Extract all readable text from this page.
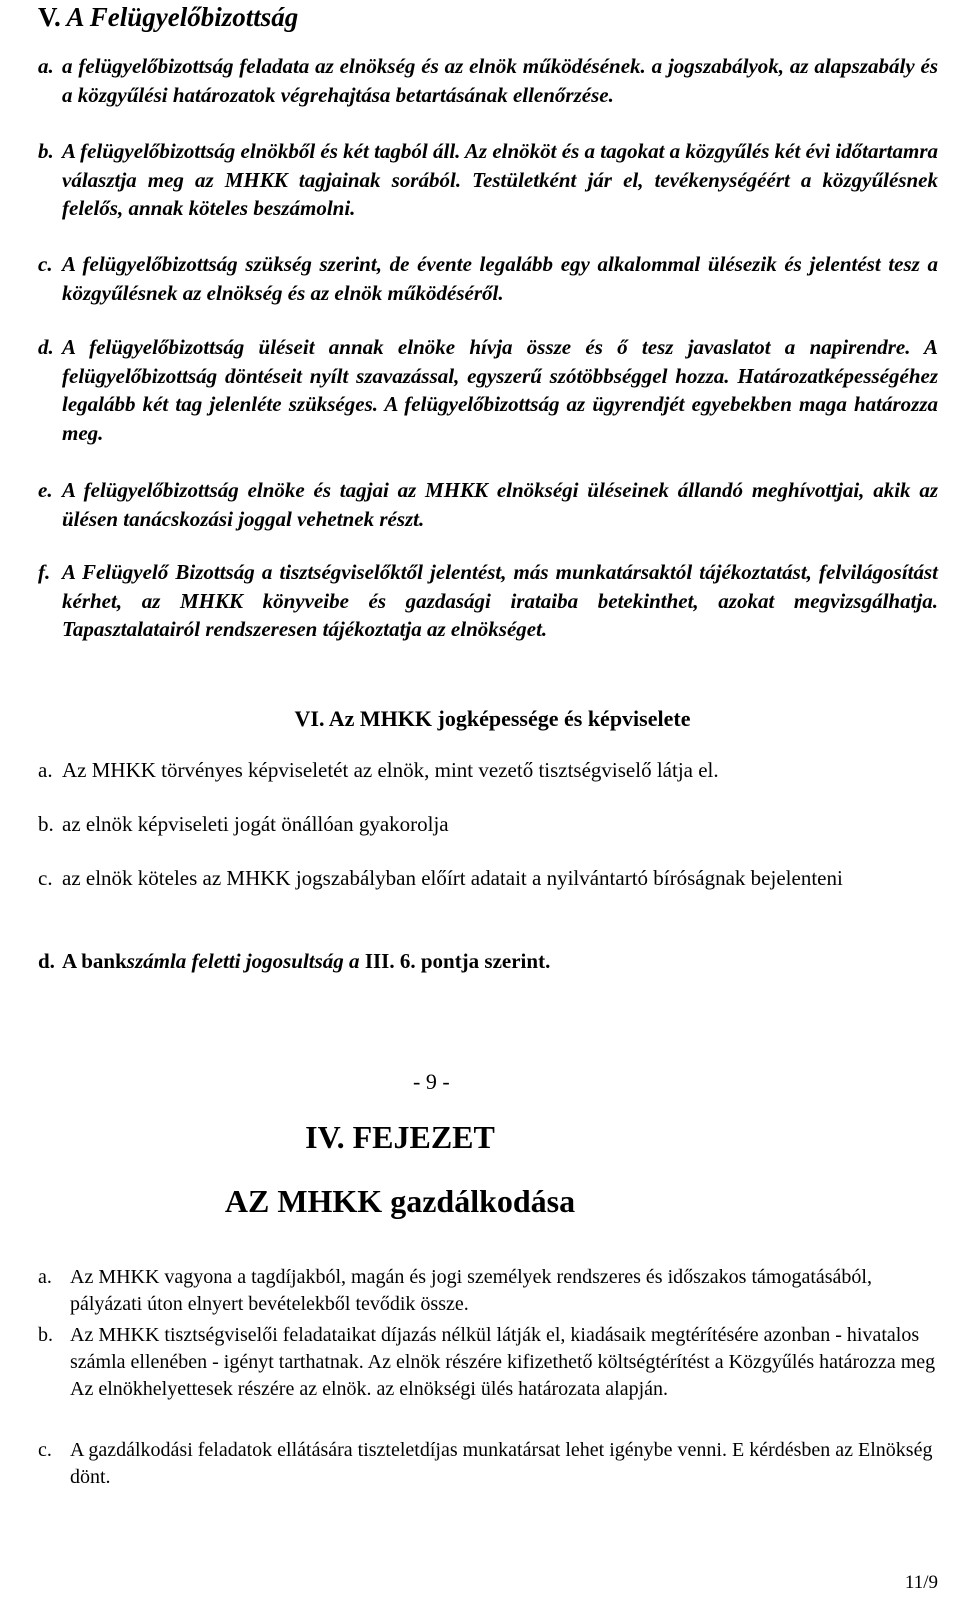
V. A Felügyelőbizottság
a. a felügyelőbizottság feladata az elnökség és az elnök működésének. a jogszabályok, az alapszabály és a közgyűlési határozatok végrehajtása betartásának ellenőrzése.
b. A felügyelőbizottság elnökből és két tagból áll. Az elnököt és a tagokat a közgyűlés két évi időtartamra választja meg az MHKK tagjainak sorából. Testületként jár el, tevékenységéért a közgyűlésnek felelős, annak köteles beszámolni.
c. A felügyelőbizottság szükség szerint, de évente legalább egy alkalommal ülésezik és jelentést tesz a közgyűlésnek az elnökség és az elnök működéséről.
d. A felügyelőbizottság üléseit annak elnöke hívja össze és ő tesz javaslatot a napirendre. A felügyelőbizottság döntéseit nyílt szavazással, egyszerű szótöbbséggel hozza. Határozatképességéhez legalább két tag jelenléte szükséges. A felügyelőbizottság az ügyrendjét egyebekben maga határozza meg.
e. A felügyelőbizottság elnöke és tagjai az MHKK elnökségi üléseinek állandó meghívottjai, akik az ülésen tanácskozási joggal vehetnek részt.
f. A Felügyelő Bizottság a tisztségviselőktől jelentést, más munkatársaktól tájékoztatást, felvilágosítást kérhet, az MHKK könyveibe és gazdasági irataiba betekinthet, azokat megvizsgálhatja. Tapasztalatairól rendszeresen tájékoztatja az elnökséget.
VI. Az MHKK jogképessége és képviselete
a. Az MHKK törvényes képviseletét az elnök, mint vezető tisztségviselő látja el.
b. az elnök képviseleti jogát önállóan gyakorolja
c. az elnök köteles az MHKK jogszabályban előírt adatait a nyilvántartó bíróságnak bejelenteni
d. A bankszámla feletti jogosultság a III. 6. pontja szerint.
- 9 -
IV. FEJEZET
AZ MHKK gazdálkodása
a. Az MHKK vagyona a tagdíjakból, magán és jogi személyek rendszeres és időszakos támogatásából, pályázati úton elnyert bevételekből tevődik össze.
b. Az MHKK tisztségviselői feladataikat díjazás nélkül látják el, kiadásaik megtérítésére azonban - hivatalos számla ellenében - igényt tarthatnak. Az elnök részére kifizethető költségtérítést a Közgyűlés határozza meg Az elnökhelyettesek részére az elnök. az elnökségi ülés határozata alapján.
c. A gazdálkodási feladatok ellátására tiszteletdíjas munkatársat lehet igénybe venni. E kérdésben az Elnökség dönt.
11/9
